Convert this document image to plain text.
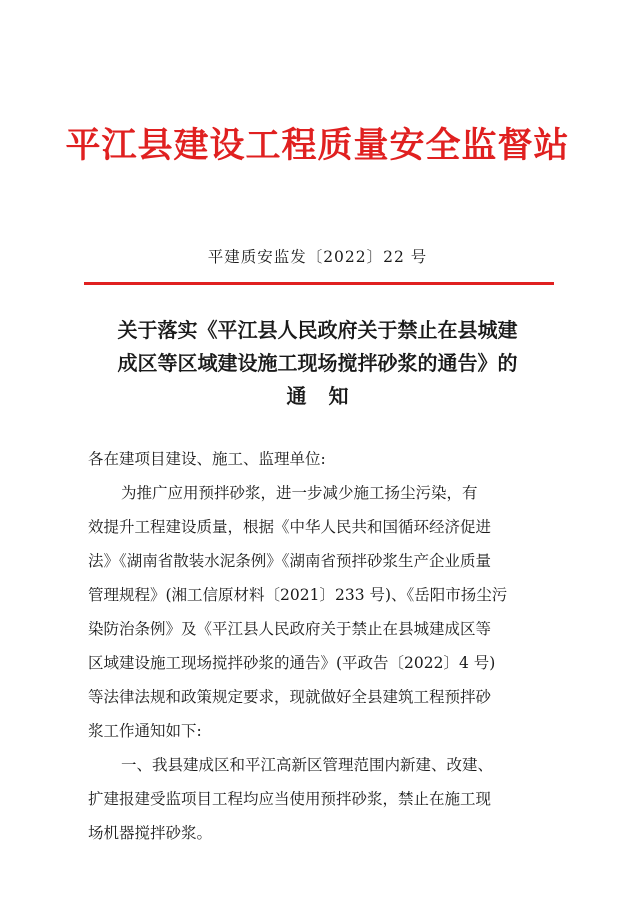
平江县建设工程质量安全监督站
平建质安监发〔2022〕22 号
关于落实《平江县人民政府关于禁止在县城建
成区等区域建设施工现场搅拌砂浆的通告》的
通知
各在建项目建设、施工、监理单位:
为推广应用预拌砂浆，进一步减少施工扬尘污染，有
效提升工程建设质量，根据《中华人民共和国循环经济促进
法》《湖南省散装水泥条例》《湖南省预拌砂浆生产企业质量
管理规程》(湘工信原材料〔2021〕233 号)、《岳阳市扬尘污
染防治条例》及《平江县人民政府关于禁止在县城建成区等
区域建设施工现场搅拌砂浆的通告》(平政告〔2022〕4 号)
等法律法规和政策规定要求，现就做好全县建筑工程预拌砂
浆工作通知如下:
一、我县建成区和平江高新区管理范围内新建、改建、
扩建报建受监项目工程均应当使用预拌砂浆，禁止在施工现
场机器搅拌砂浆。
